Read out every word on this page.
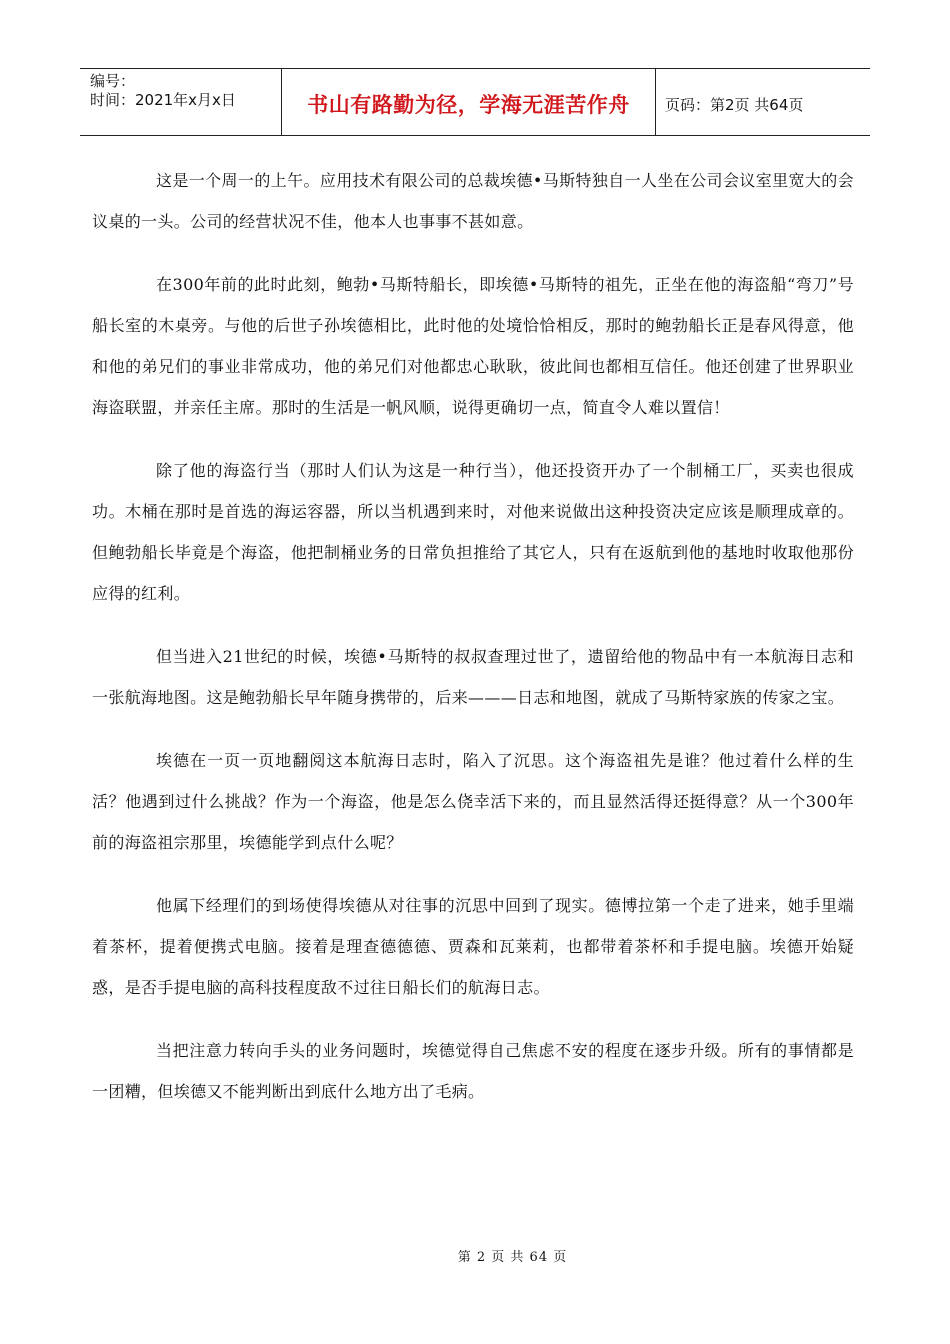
编号：
时间：2021年x月x日	书山有路勤为径，学海无涯苦作舟 页码：第2页 共64页

这是一个周一的上午。应用技术有限公司的总裁埃德•马斯特独自一人坐在公司会议室里宽大的会议桌的一头。公司的经营状况不佳，他本人也事事不甚如意。

在300年前的此时此刻，鲍勃•马斯特船长，即埃德•马斯特的祖先，正坐在他的海盗船“弯刀”号船长室的木桌旁。与他的后世子孙埃德相比，此时他的处境恰恰相反，那时的鲍勃船长正是春风得意，他和他的弟兄们的事业非常成功，他的弟兄们对他都忠心耿耿，彼此间也都相互信任。他还创建了世界职业海盗联盟，并亲任主席。那时的生活是一帆风顺，说得更确切一点，简直令人难以置信！

除了他的海盗行当（那时人们认为这是一种行当），他还投资开办了一个制桶工厂，买卖也很成功。木桶在那时是首选的海运容器，所以当机遇到来时，对他来说做出这种投资决定应该是顺理成章的。但鲍勃船长毕竟是个海盗，他把制桶业务的日常负担推给了其它人，只有在返航到他的基地时收取他那份应得的红利。

但当进入21世纪的时候，埃德•马斯特的叔叔查理过世了，遗留给他的物品中有一本航海日志和一张航海地图。这是鲍勃船长早年随身携带的，后来———日志和地图，就成了马斯特家族的传家之宝。

埃德在一页一页地翻阅这本航海日志时，陷入了沉思。这个海盗祖先是谁？他过着什么样的生活？他遇到过什么挑战？作为一个海盗，他是怎么侥幸活下来的，而且显然活得还挺得意？从一个300年前的海盗祖宗那里，埃德能学到点什么呢？

他属下经理们的到场使得埃德从对往事的沉思中回到了现实。德博拉第一个走了进来，她手里端着茶杯，提着便携式电脑。接着是理查德德德、贾森和瓦莱莉，也都带着茶杯和手提电脑。埃德开始疑惑，是否手提电脑的高科技程度敌不过往日船长们的航海日志。

当把注意力转向手头的业务问题时，埃德觉得自己焦虑不安的程度在逐步升级。所有的事情都是一团糟，但埃德又不能判断出到底什么地方出了毛病。

第 2 页 共 64 页
